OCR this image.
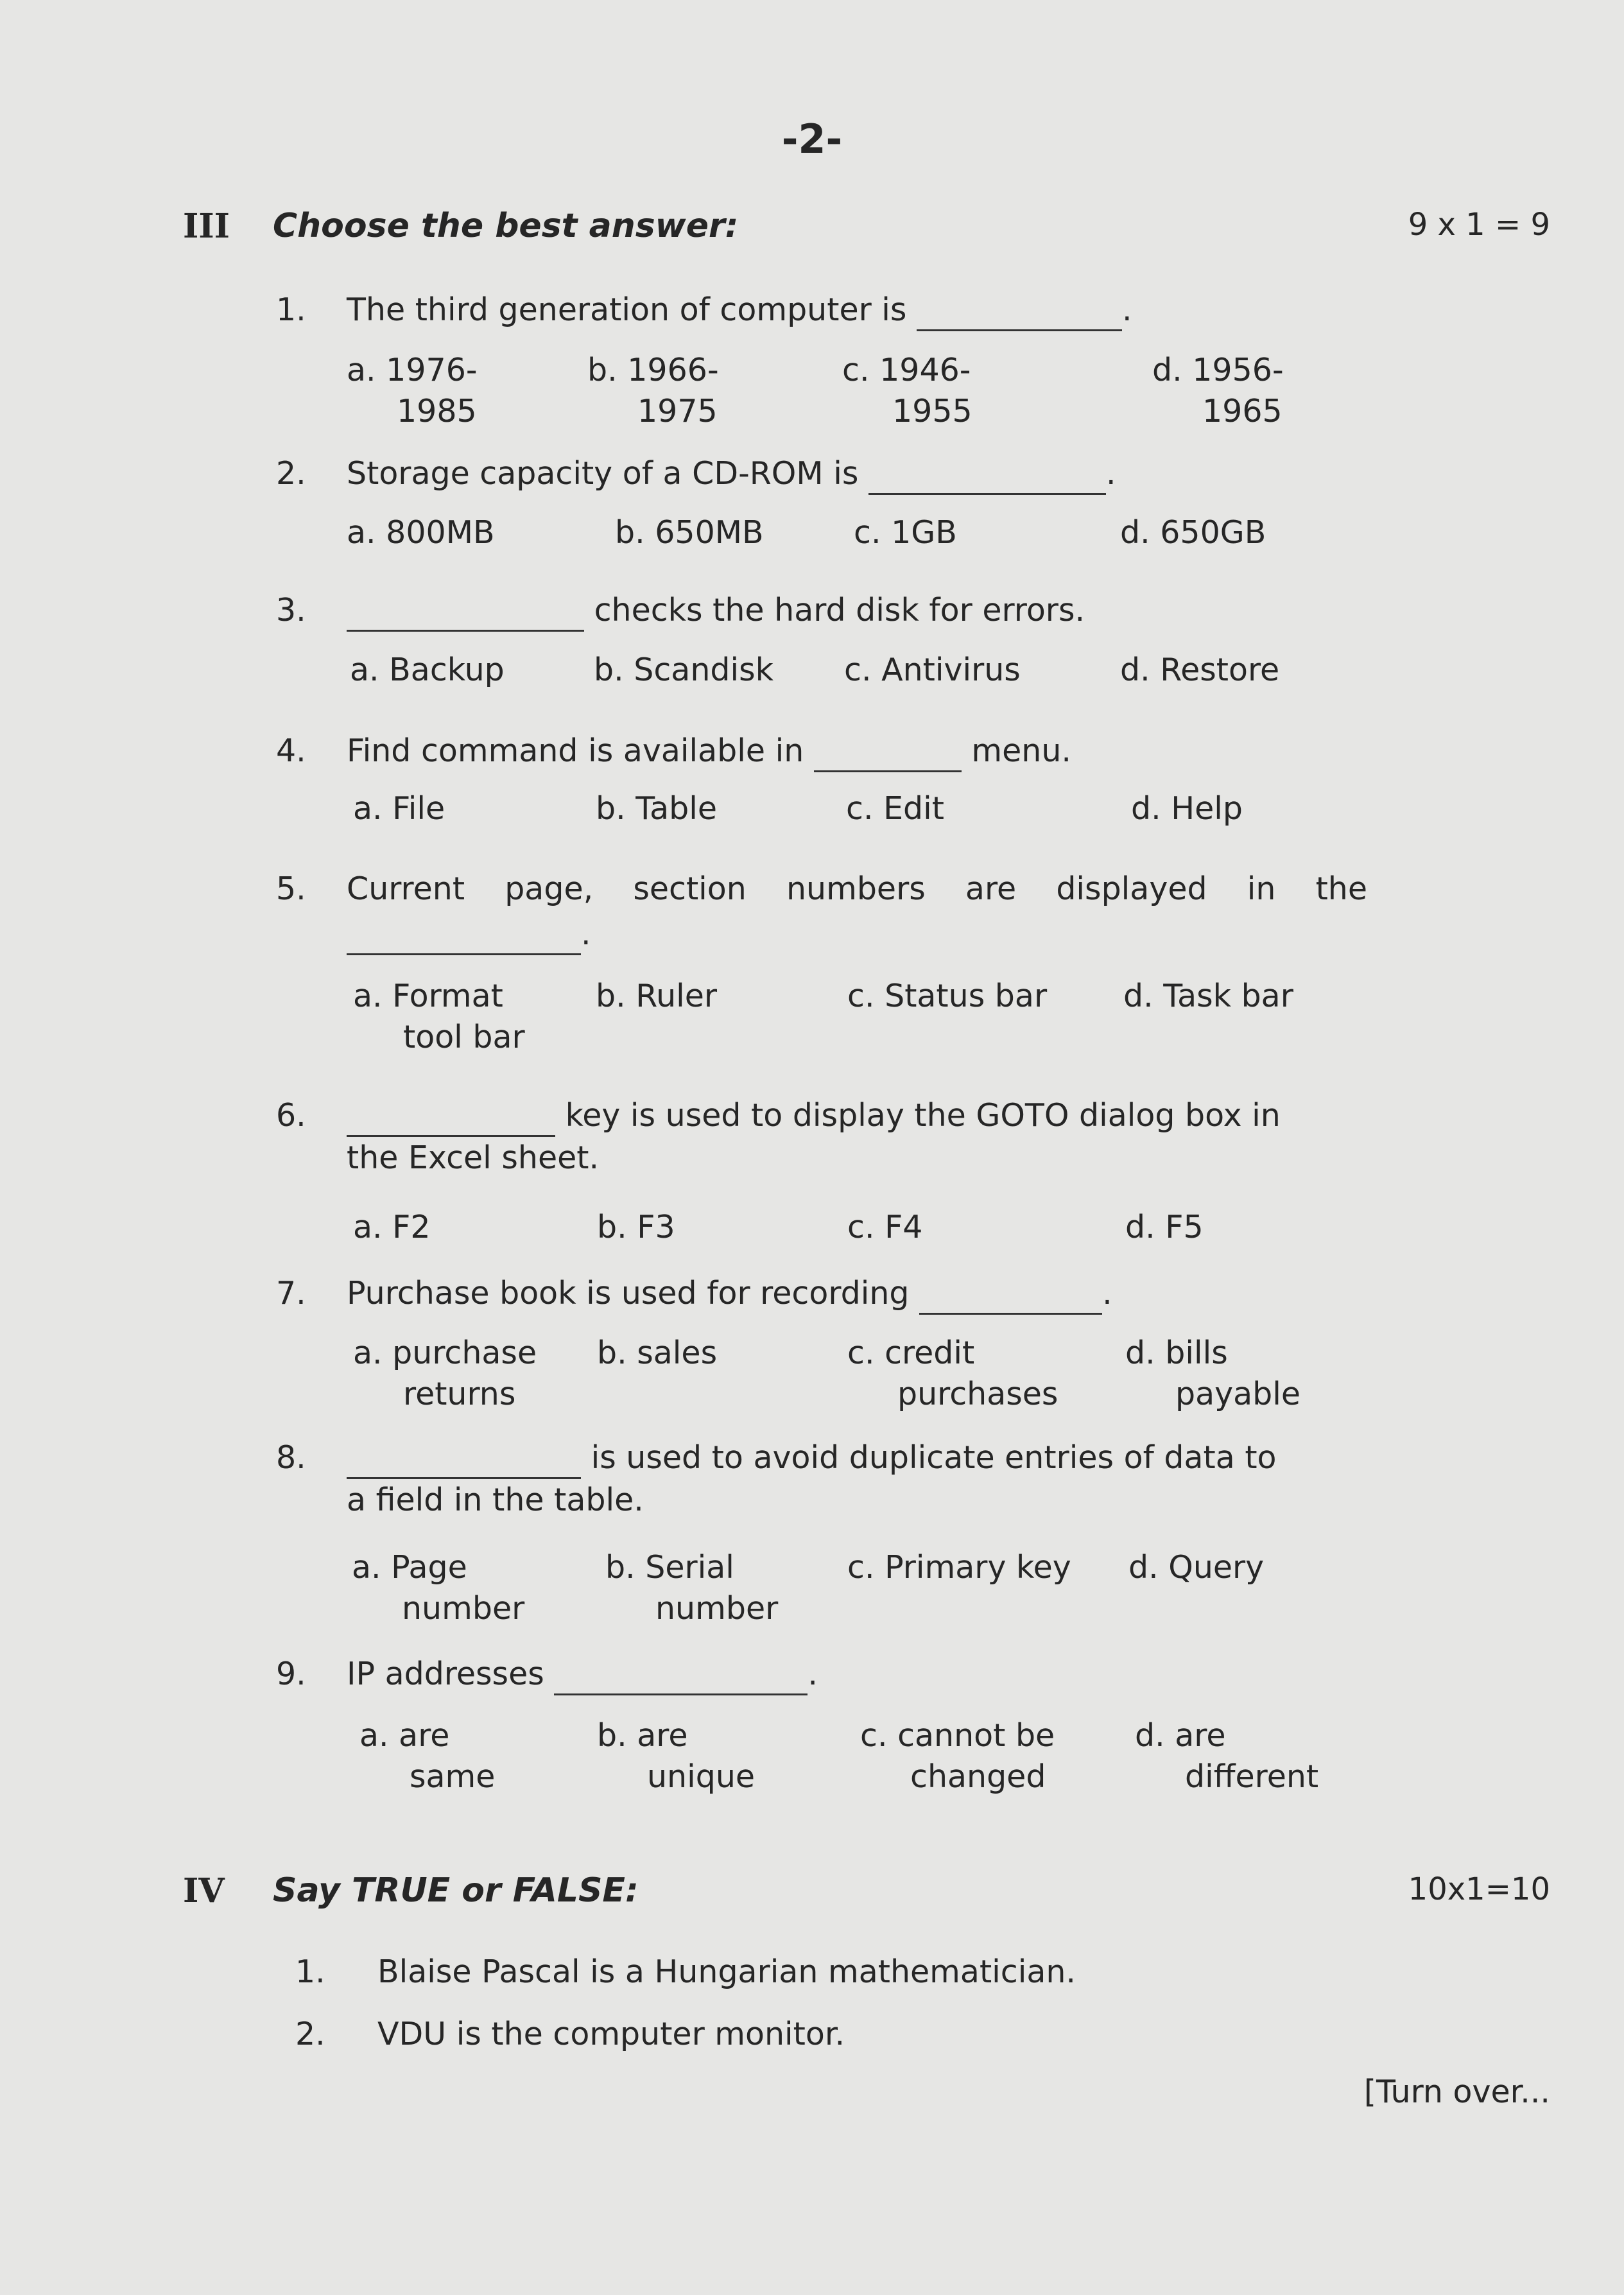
-2-
III Choose the best answer:	9 x 1 = 9
1. The third generation of computer is	.
a. 1976-
1985
b. 1966-
1975
c. 1946-
1955
d. 1956-
1965
2. Storage capacity of a CD-ROM is	.
a. 800MB	b. 650MB	c. 1GB	d. 650GB
3.	checks the hard disk for errors.
a. Backup	b. Scandisk c. Antivirus	d. Restore
4. Find command is available in	menu.
a. File	b. Table	c. Edit	d. Help
5. Current page, section numbers are displayed in the
.
a. Format
tool bar
b. Ruler	c. Status bar d. Task bar
6.	key is used to display the GOTO dialog box in
the Excel sheet.
a. F2	b. F3	c. F4	d. F5
7. Purchase book is used for recording	.
a. purchase
returns
b. sales	c. credit
purchases
d. bills
payable
8.	is used to avoid duplicate entries of data to
a field in the table.
a. Page
number
b. Serial
number
c. Primary key d. Query
9. IP addresses	.
a. are
same
b. are
unique
c. cannot be
changed
d. are
different
IV Say TRUE or FALSE:	10x1=10
1. Blaise Pascal is a Hungarian mathematician.
2. VDU is the computer monitor.
[Turn over...
